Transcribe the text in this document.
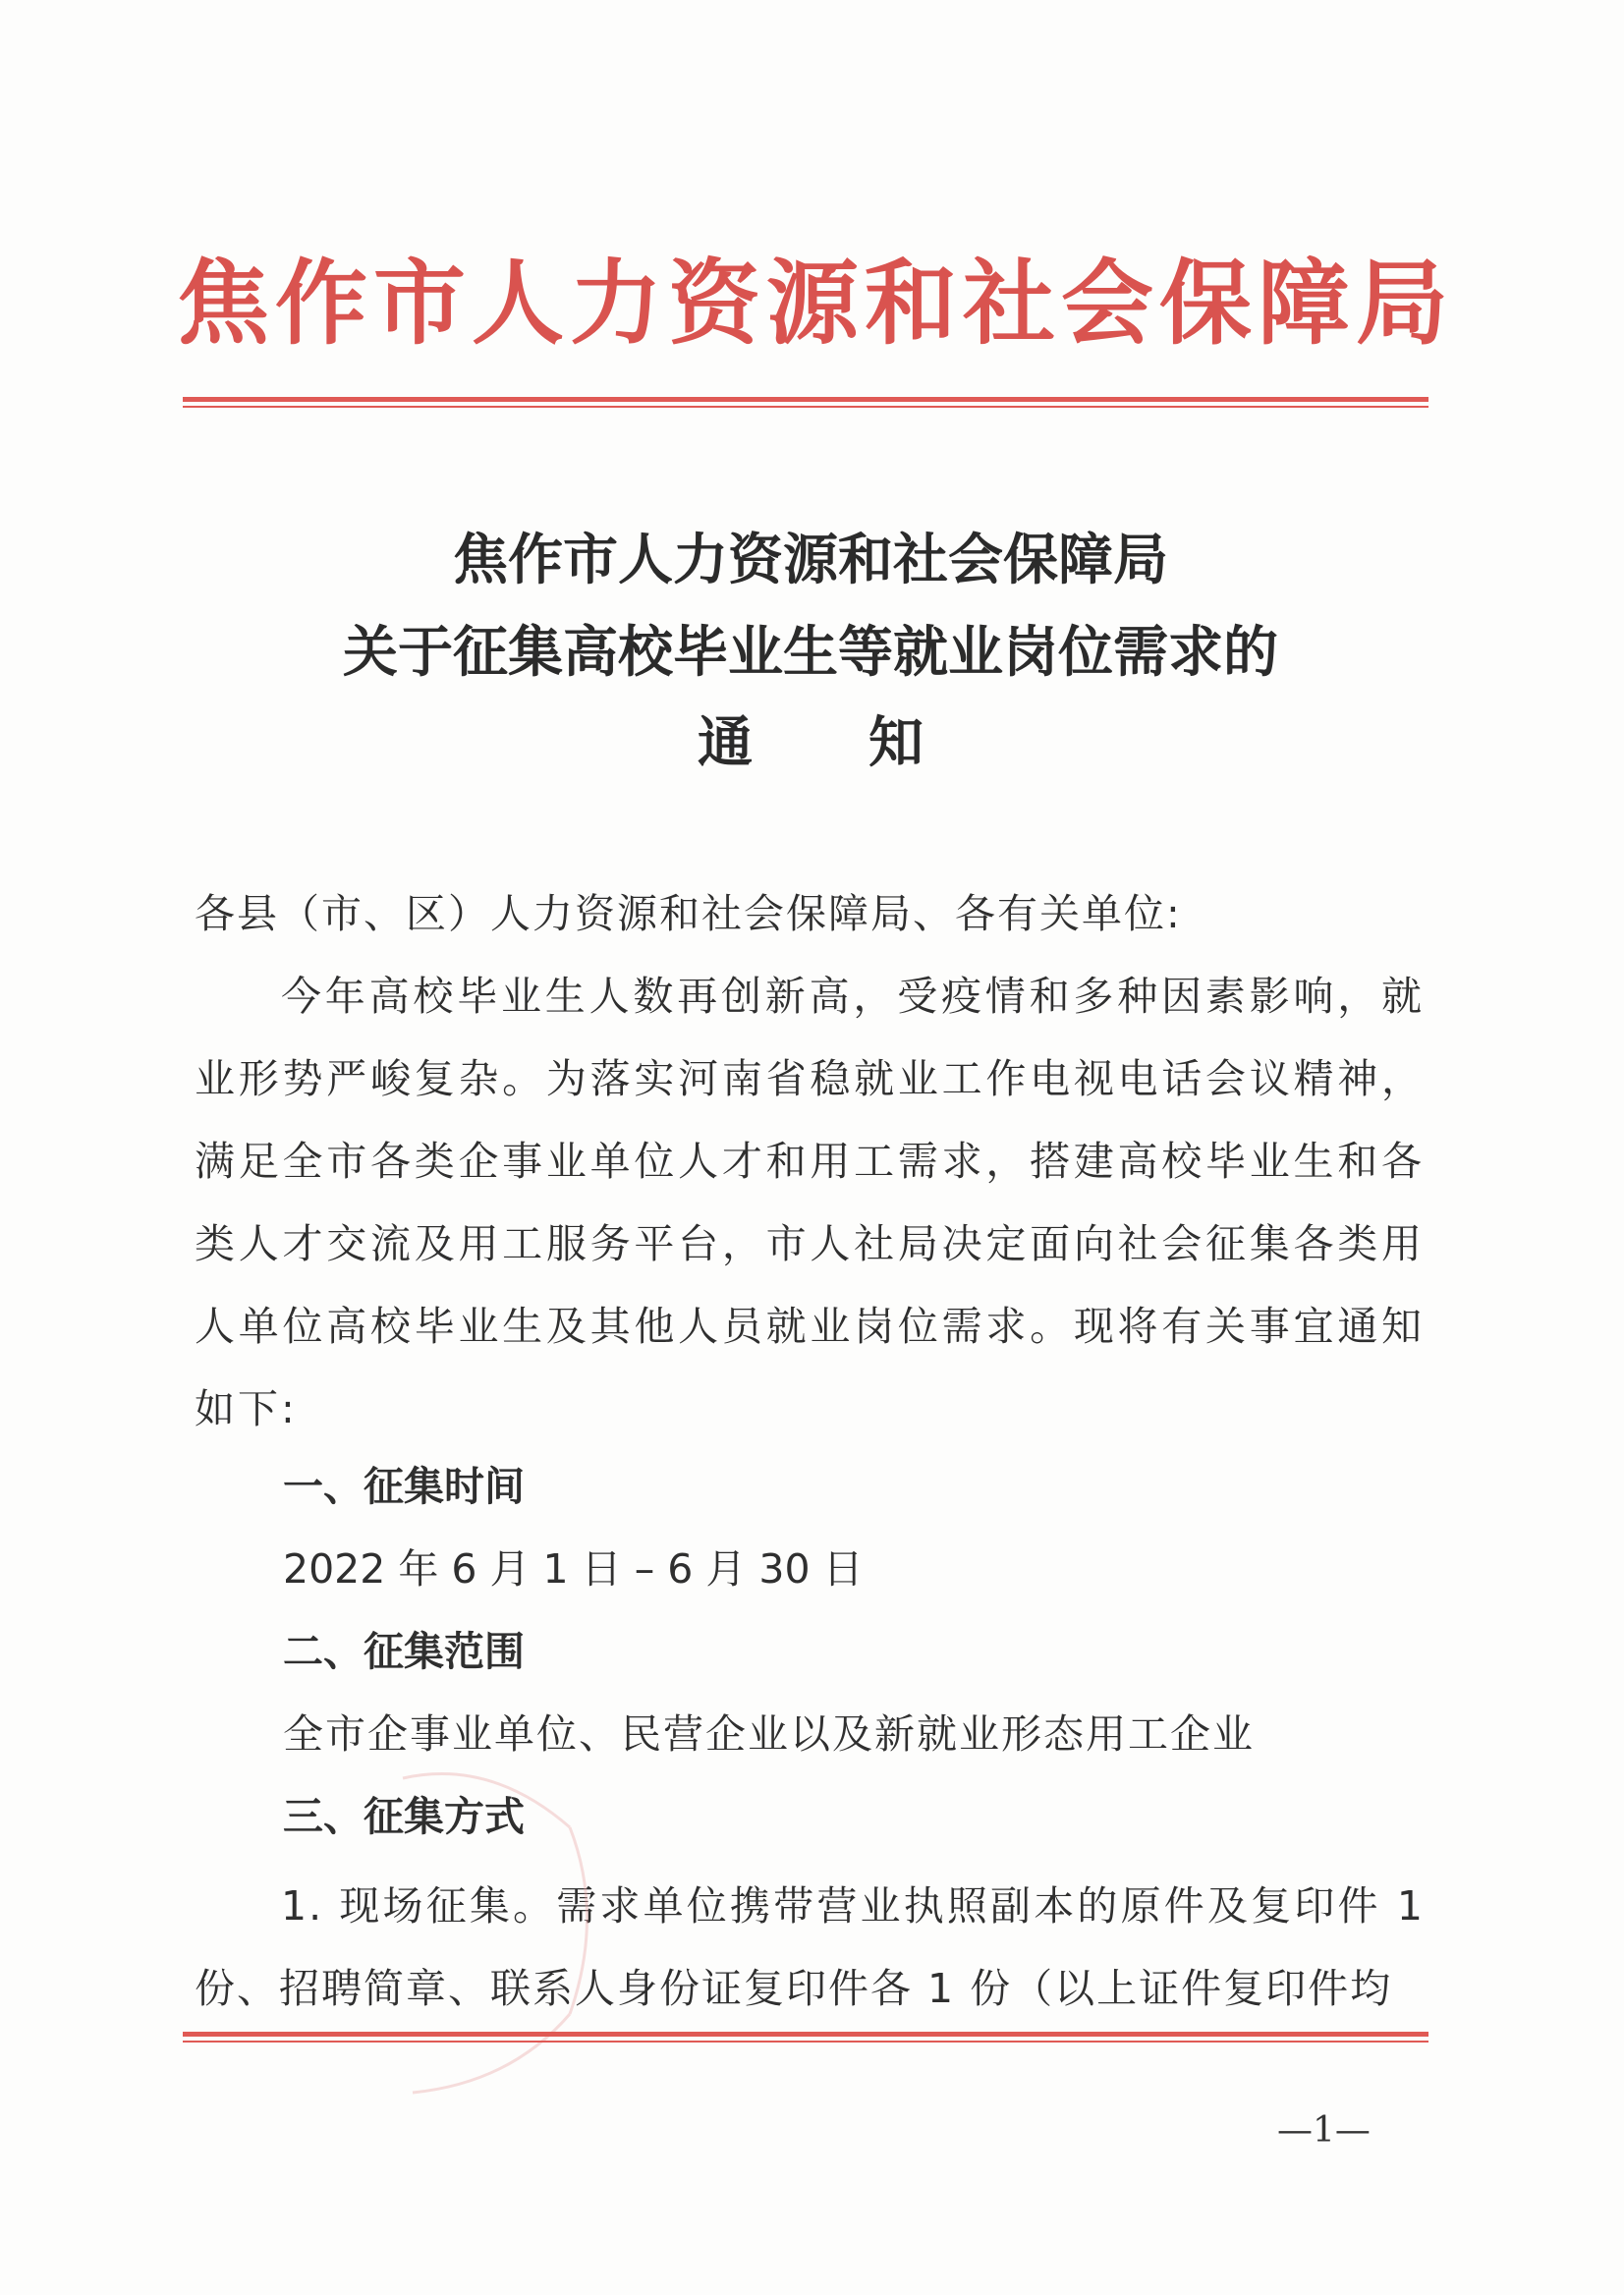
焦作市人力资源和社会保障局
焦作市人力资源和社会保障局
关于征集高校毕业生等就业岗位需求的
通知
各县（市、区）人力资源和社会保障局、各有关单位:
今年高校毕业生人数再创新高，受疫情和多种因素影响，就业形势严峻复杂。为落实河南省稳就业工作电视电话会议精神，满足全市各类企事业单位人才和用工需求，搭建高校毕业生和各类人才交流及用工服务平台，市人社局决定面向社会征集各类用人单位高校毕业生及其他人员就业岗位需求。现将有关事宜通知如下:
一、征集时间
2022 年 6 月 1 日 – 6 月 30 日
二、征集范围
全市企事业单位、民营企业以及新就业形态用工企业
三、征集方式
1. 现场征集。需求单位携带营业执照副本的原件及复印件 1 份、招聘简章、联系人身份证复印件各 1 份（以上证件复印件均
—1—
